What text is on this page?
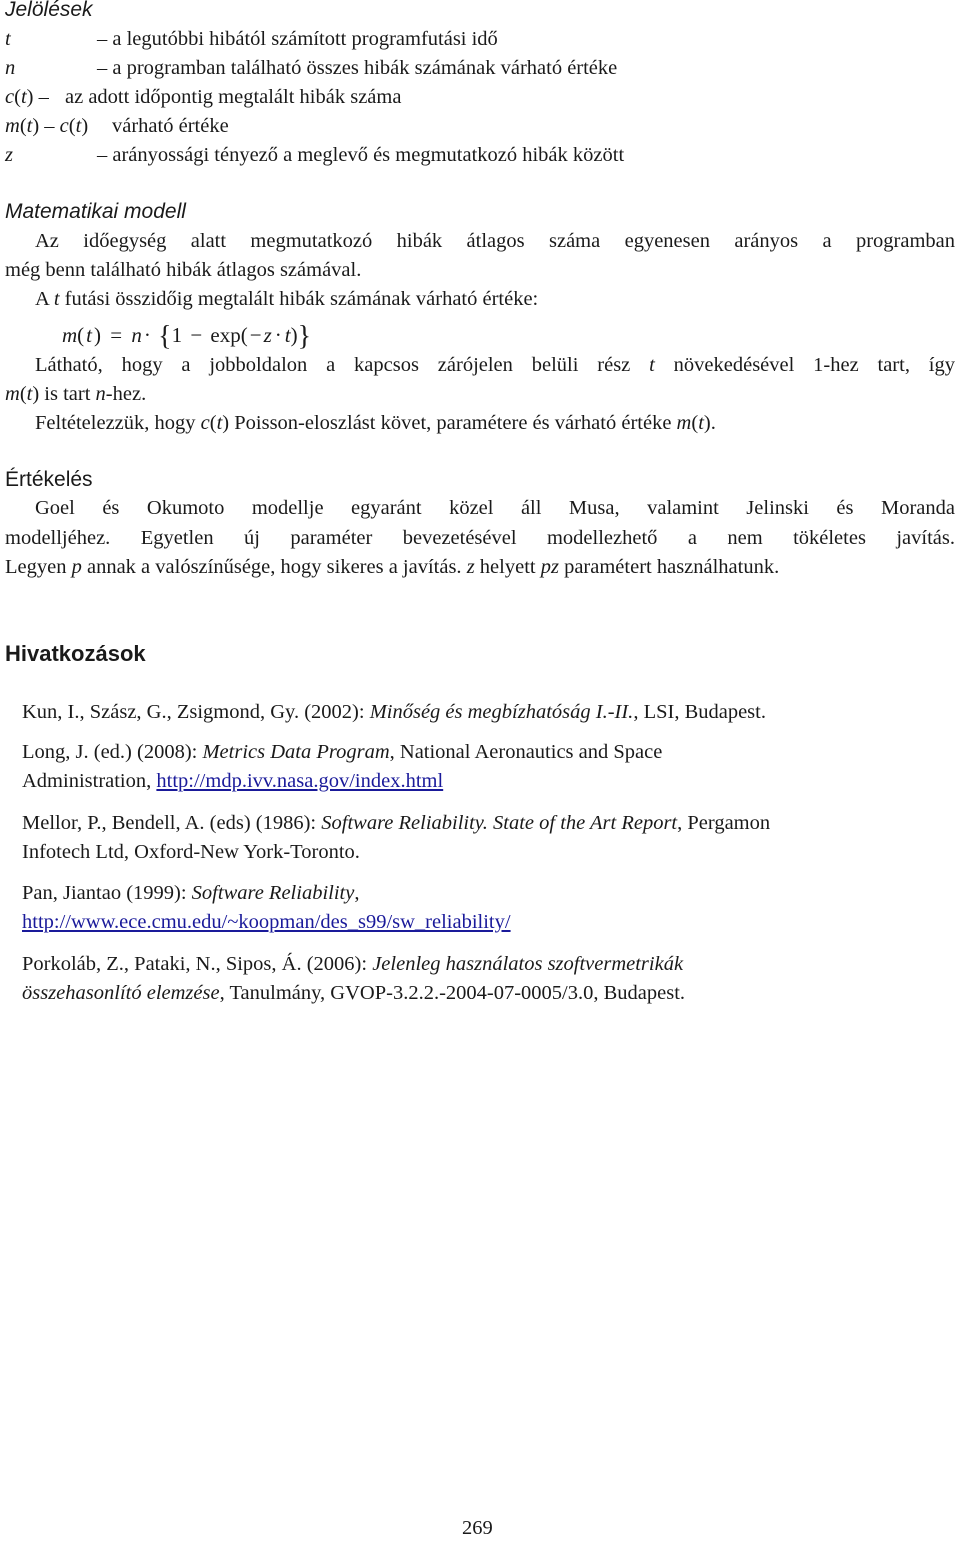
Jelölések
t	– a legutóbbi hibától számított programfutási idő
n	– a programban található összes hibák számának várható értéke
c(t) – az adott időpontig megtalált hibák száma
m(t) – c(t) várható értéke
z	– arányossági tényező a meglevő és megmutatkozó hibák között
Matematikai modell
Az időegység alatt megmutatkozó hibák átlagos száma egyenesen arányos a programban
még benn található hibák átlagos számával.
A t futási összidőig megtalált hibák számának várható értéke:
m(t) = n· {1 − exp(−z · t)}
Látható, hogy a jobboldalon a kapcsos zárójelen belüli rész t növekedésével 1-hez tart, így
m(t) is tart n-hez.
Feltételezzük, hogy c(t) Poisson-eloszlást követ, paramétere és várható értéke m(t).
Értékelés
Goel és Okumoto modellje egyaránt közel áll Musa, valamint Jelinski és Moranda
modelljéhez. Egyetlen új paraméter bevezetésével modellezhető a nem tökéletes javítás.
Legyen p annak a valószínűsége, hogy sikeres a javítás. z helyett pz paramétert használhatunk.
Hivatkozások
Kun, I., Szász, G., Zsigmond, Gy. (2002): Minőség és megbízhatóság I.-II., LSI, Budapest.
Long, J. (ed.) (2008): Metrics Data Program, National Aeronautics and Space
Administration, http://mdp.ivv.nasa.gov/index.html
Mellor, P., Bendell, A. (eds) (1986): Software Reliability. State of the Art Report, Pergamon
Infotech Ltd, Oxford-New York-Toronto.
Pan, Jiantao (1999): Software Reliability,
http://www.ece.cmu.edu/~koopman/des_s99/sw_reliability/
Porkoláb, Z., Pataki, N., Sipos, Á. (2006): Jelenleg használatos szoftvermetrikák
összehasonlító elemzése, Tanulmány, GVOP-3.2.2.-2004-07-0005/3.0, Budapest.
269
